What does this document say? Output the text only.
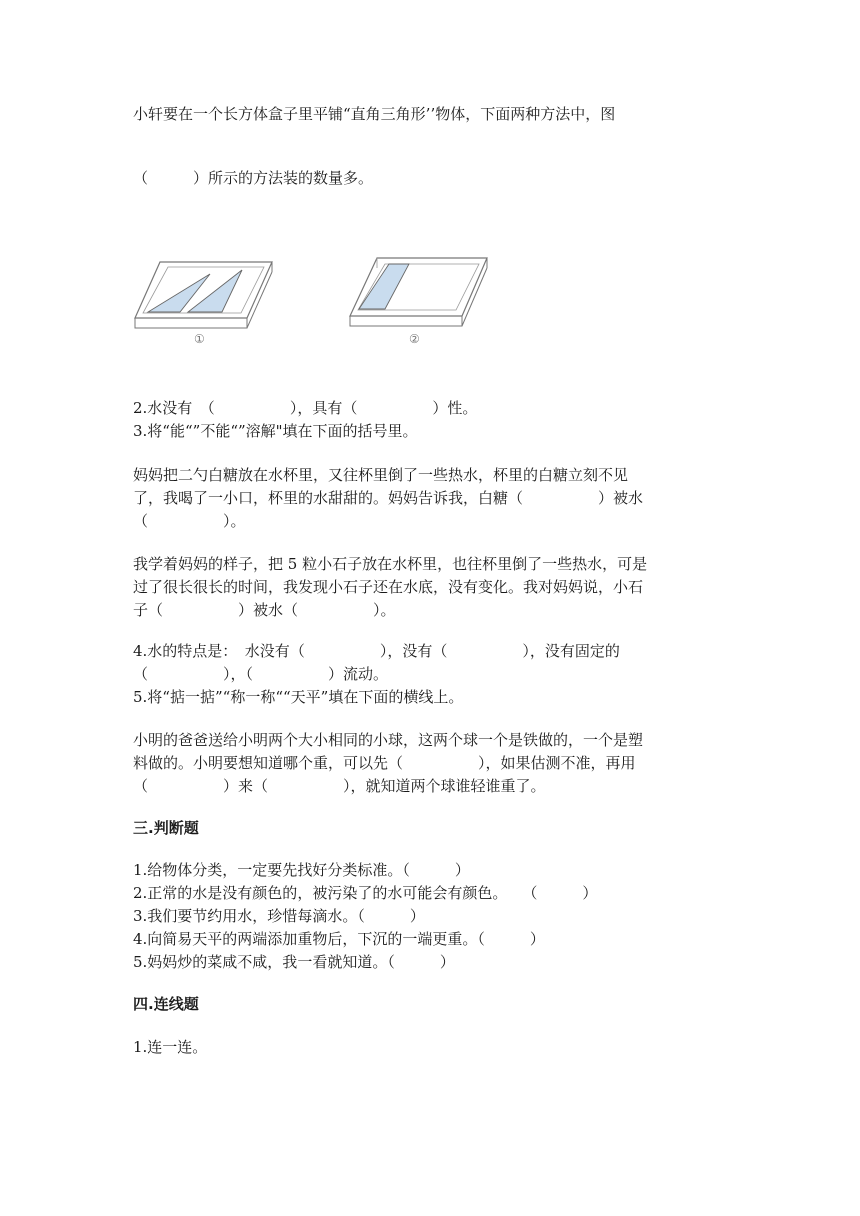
小轩要在一个长方体盒子里平铺“直角三角形’’物体，下面两种方法中，图
（　　　）所示的方法装的数量多。
①	②
2.水没有　（　　　　　），具有（　　　　　）性。
3.将“能“”不能“”溶解"填在下面的括号里。
妈妈把二勺白糖放在水杯里，又往杯里倒了一些热水，杯里的白糖立刻不见
了，我喝了一小口，杯里的水甜甜的。妈妈告诉我，白糖（　　　　　）被水
（　　　　　）。
我学着妈妈的样子，把 5 粒小石子放在水杯里，也往杯里倒了一些热水，可是
过了很长很长的时间，我发现小石子还在水底，没有变化。我对妈妈说，小石
子（　　　　　）被水（　　　　　）。
4.水的特点是：　水没有（　　　　　），没有（　　　　　），没有固定的
（　　　　　），（　　　　　）流动。
5.将“掂一掂”“称一称““天平”填在下面的横线上。
小明的爸爸送给小明两个大小相同的小球，这两个球一个是铁做的，一个是塑
料做的。小明要想知道哪个重，可以先（　　　　　），如果估测不准，再用
（　　　　　）来（　　　　　），就知道两个球谁轻谁重了。
三.判断题
1.给物体分类，一定要先找好分类标准。（　　　）
2.正常的水是没有颜色的，被污染了的水可能会有颜色。　　（　　　）
3.我们要节约用水，珍惜每滴水。（　　　）
4.向简易天平的两端添加重物后，下沉的一端更重。（　　　）
5.妈妈炒的菜咸不咸，我一看就知道。（　　　）
四.连线题
1.连一连。
